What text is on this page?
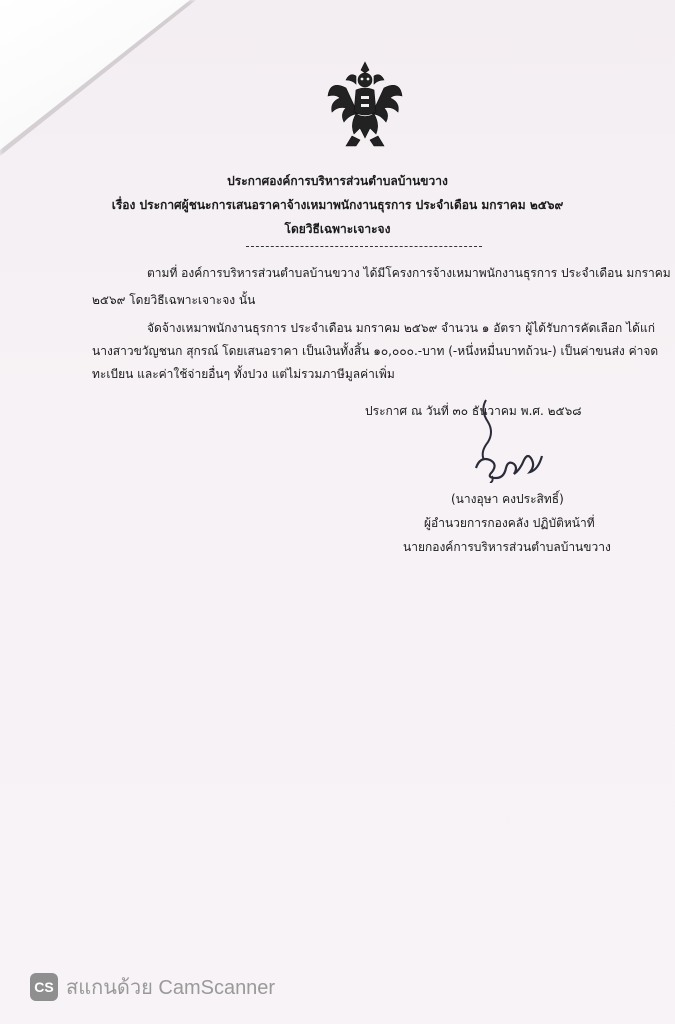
ประกาศองค์การบริหารส่วนตำบลบ้านขวาง
เรื่อง ประกาศผู้ชนะการเสนอราคาจ้างเหมาพนักงานธุรการ ประจำเดือน มกราคม ๒๕๖๙
โดยวิธีเฉพาะเจาะจง
ตามที่ องค์การบริหารส่วนตำบลบ้านขวาง ได้มีโครงการจ้างเหมาพนักงานธุรการ ประจำเดือน มกราคม
๒๕๖๙ โดยวิธีเฉพาะเจาะจง นั้น
จัดจ้างเหมาพนักงานธุรการ ประจำเดือน มกราคม ๒๕๖๙ จำนวน ๑ อัตรา ผู้ได้รับการคัดเลือก ได้แก่
นางสาวขวัญชนก สุกรณ์ โดยเสนอราคา เป็นเงินทั้งสิ้น ๑๐,๐๐๐.-บาท (-หนึ่งหมื่นบาทถ้วน-) เป็นค่าขนส่ง ค่าจด
ทะเบียน และค่าใช้จ่ายอื่นๆ ทั้งปวง แต่ไม่รวมภาษีมูลค่าเพิ่ม
ประกาศ ณ วันที่ ๓๐ ธันวาคม พ.ศ. ๒๕๖๘
(นางอุษา คงประสิทธิ์)
ผู้อำนวยการกองคลัง ปฏิบัติหน้าที่
นายกองค์การบริหารส่วนตำบลบ้านขวาง
CS สแกนด้วย CamScanner
